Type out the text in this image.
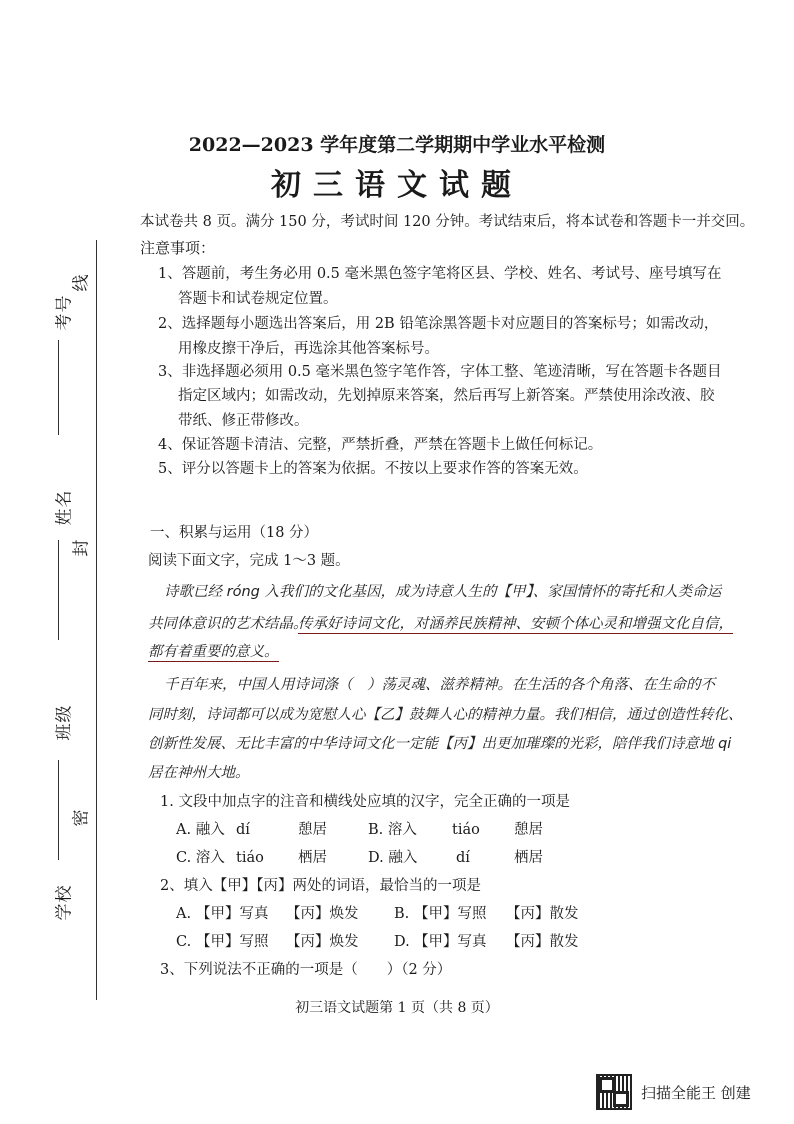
考号
线
姓名
封
班级
密
学校
2022—2023 学年度第二学期期中学业水平检测
初三语文试题
本试卷共 8 页。满分 150 分，考试时间 120 分钟。考试结束后，将本试卷和答题卡一并交回。
注意事项：
1、答题前，考生务必用 0.5 毫米黑色签字笔将区县、学校、姓名、考试号、座号填写在
答题卡和试卷规定位置。
2、选择题每小题选出答案后，用 2B 铅笔涂黑答题卡对应题目的答案标号；如需改动，
用橡皮擦干净后，再选涂其他答案标号。
3、非选择题必须用 0.5 毫米黑色签字笔作答，字体工整、笔迹清晰，写在答题卡各题目
指定区域内；如需改动，先划掉原来答案，然后再写上新答案。严禁使用涂改液、胶
带纸、修正带修改。
4、保证答题卡清洁、完整，严禁折叠，严禁在答题卡上做任何标记。
5、评分以答题卡上的答案为依据。不按以上要求作答的答案无效。
一、积累与运用（18 分）
阅读下面文字，完成 1～3 题。
诗歌已经 róng 入我们的文化基因，成为诗意人生的【甲】、家国情怀的寄托和人类命运
共同体意识的艺术结晶。
传承好诗词文化，对涵养民族精神、安顿个体心灵和增强文化自信，
都有着重要的意义。
千百年来，中国人用诗词涤（　）荡灵魂、滋养精神。在生活的各个角落、在生命的不
同时刻，诗词都可以成为宽慰人心【乙】鼓舞人心的精神力量。我们相信，通过创造性转化、
创新性发展、无比丰富的中华诗词文化一定能【丙】出更加璀璨的光彩，陪伴我们诗意地 qi
居在神州大地。
1. 文段中加点字的注音和横线处应填的汉字，完全正确的一项是
A. 融入 dí	憩居	B. 溶入 tiáo 憩居
C. 溶入 tiáo 栖居	D. 融入	dí	栖居
2、填入【甲】【丙】两处的词语，最恰当的一项是
A. 【甲】写真 【丙】焕发 B. 【甲】写照 【丙】散发
C. 【甲】写照 【丙】焕发 D. 【甲】写真 【丙】散发
3、下列说法不正确的一项是（　　）（2 分）
初三语文试题第 1 页（共 8 页）
扫描全能王 创建
